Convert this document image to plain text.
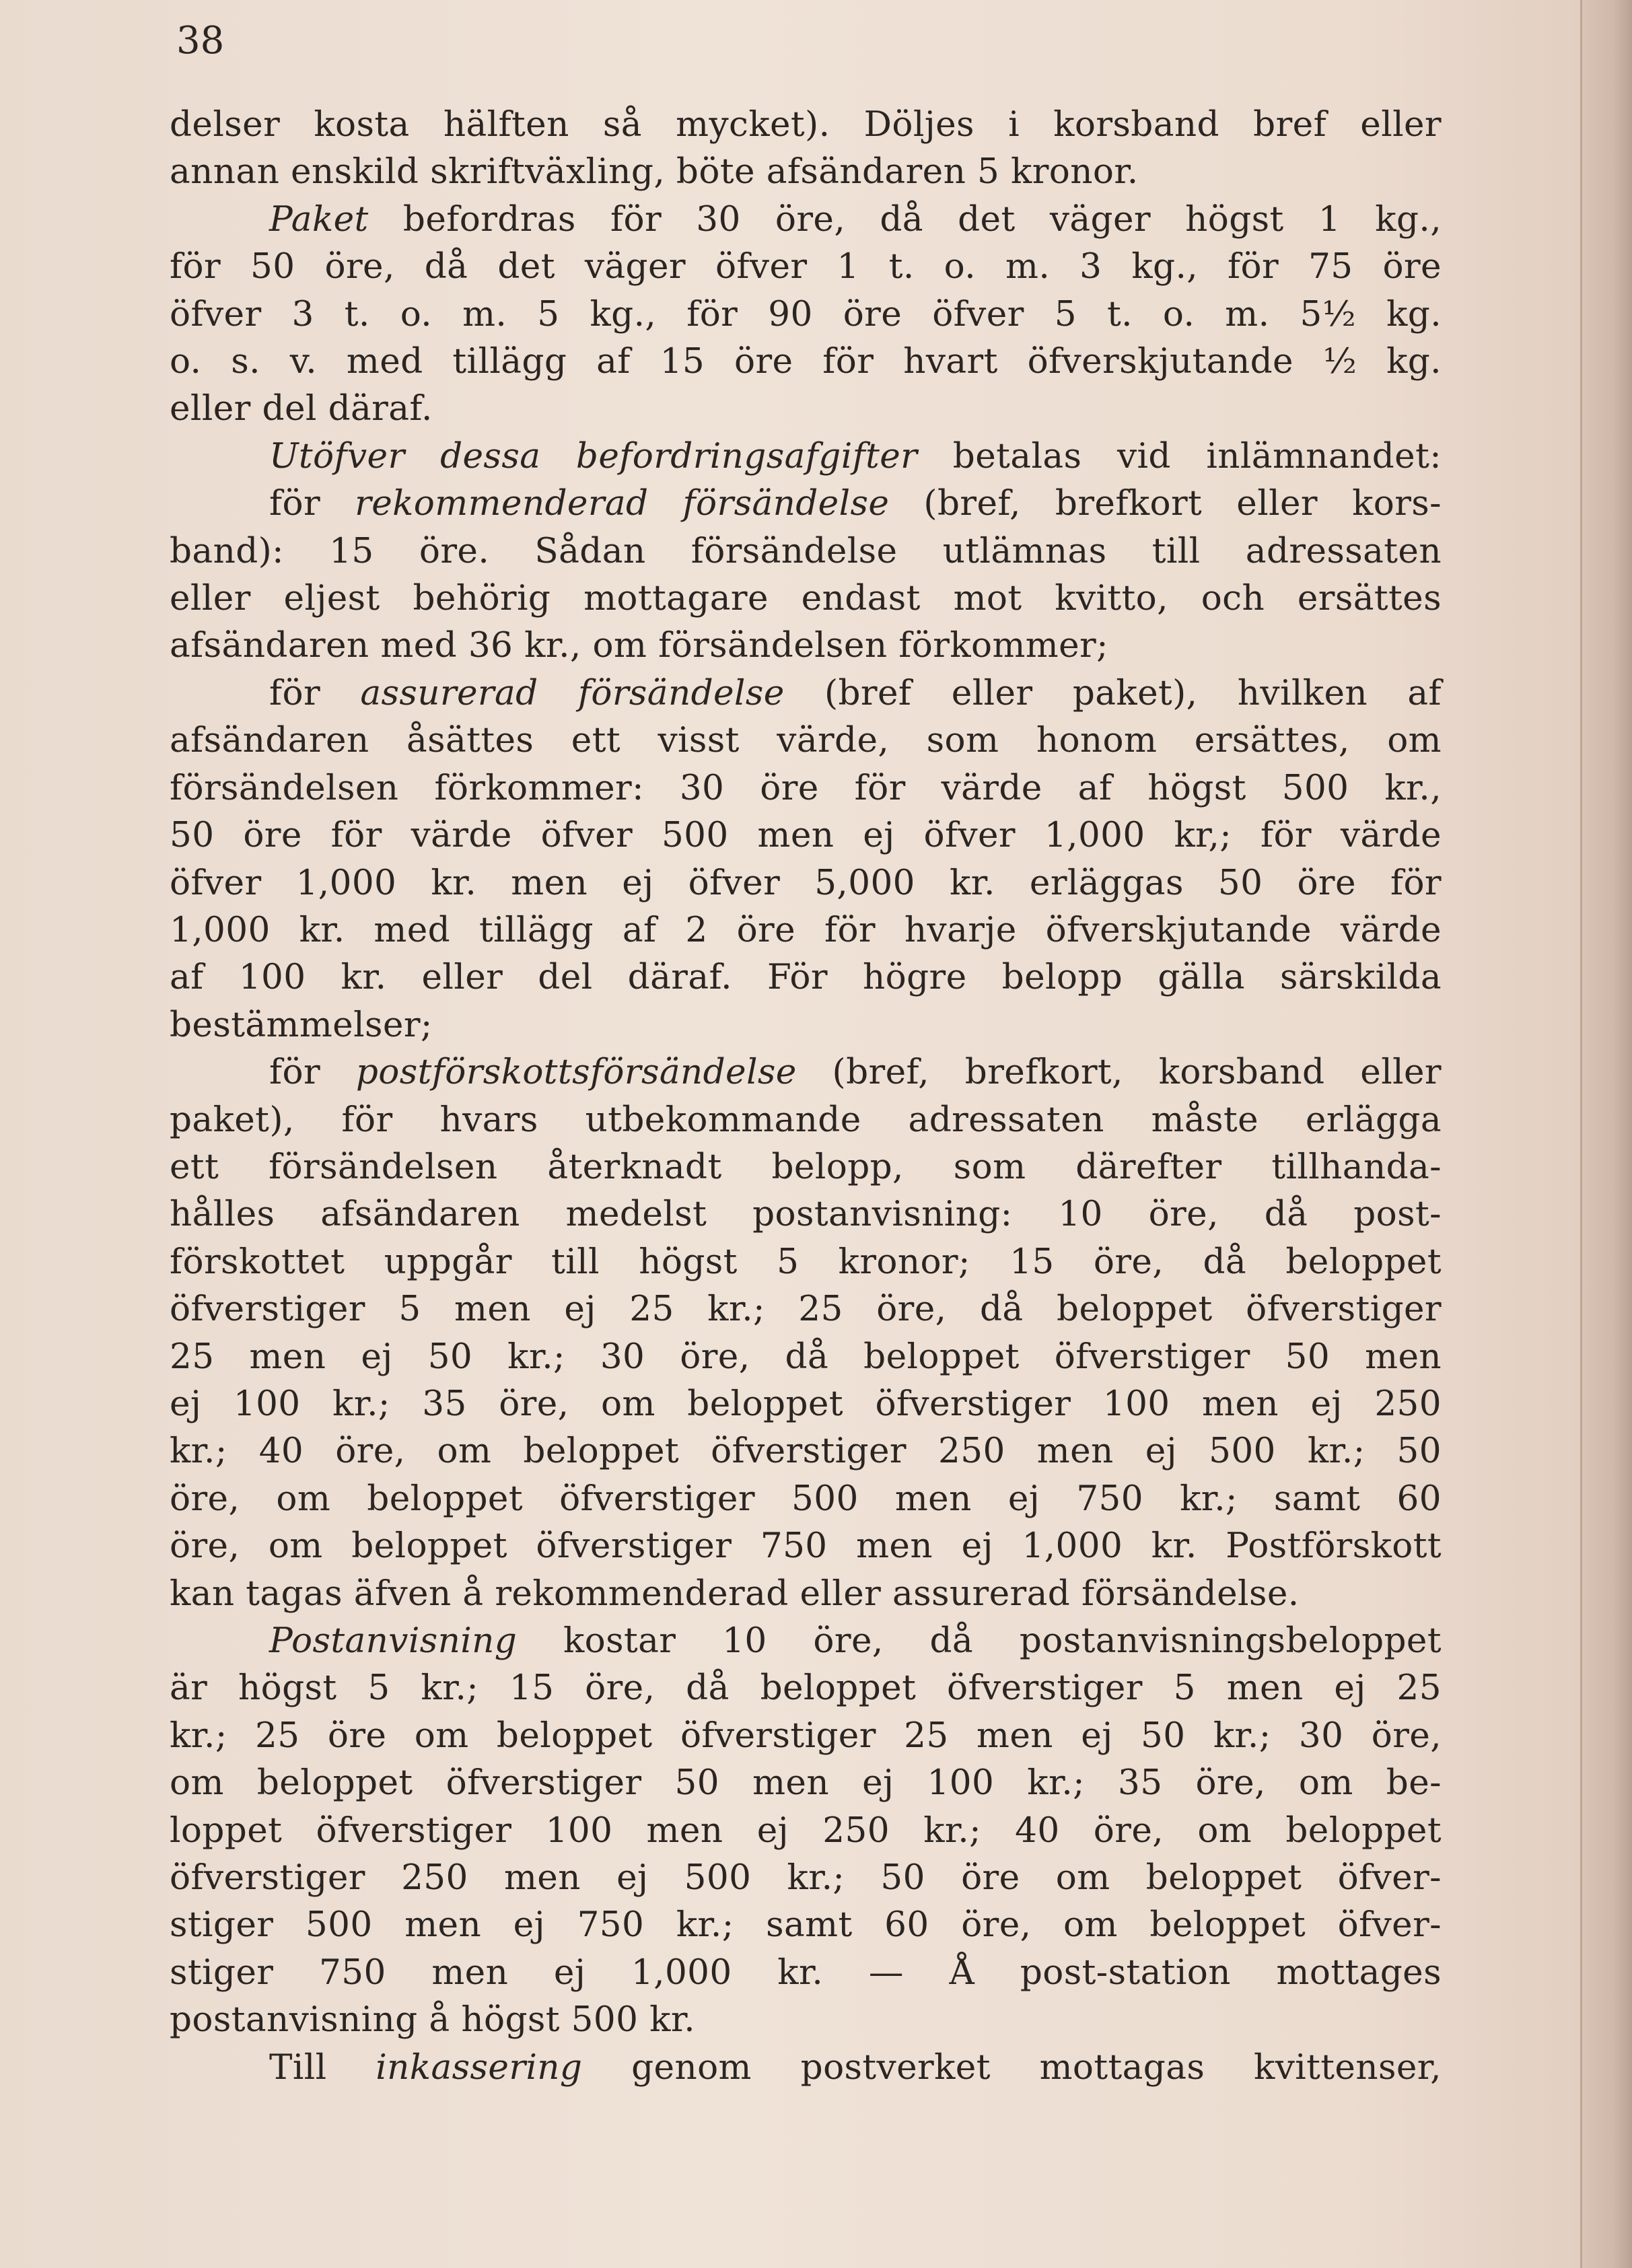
38

delser kosta hälften så mycket). Döljes i korsband bref eller
annan enskild skriftväxling, böte afsändaren 5 kronor.
Paket befordras för 30 öre, då det väger högst 1 kg.,
för 50 öre, då det väger öfver 1 t. o. m. 3 kg., för 75 öre
öfver 3 t. o. m. 5 kg., för 90 öre öfver 5 t. o. m. 5½ kg.
o. s. v. med tillägg af 15 öre för hvart öfverskjutande ½ kg.
eller del däraf.
Utöfver dessa befordringsafgifter betalas vid inlämnandet:
för rekommenderad försändelse (bref, brefkort eller kors-
band): 15 öre. Sådan försändelse utlämnas till adressaten
eller eljest behörig mottagare endast mot kvitto, och ersättes
afsändaren med 36 kr., om försändelsen förkommer;
för assurerad försändelse (bref eller paket), hvilken af
afsändaren åsättes ett visst värde, som honom ersättes, om
försändelsen förkommer: 30 öre för värde af högst 500 kr.,
50 öre för värde öfver 500 men ej öfver 1,000 kr,; för värde
öfver 1,000 kr. men ej öfver 5,000 kr. erläggas 50 öre för
1,000 kr. med tillägg af 2 öre för hvarje öfverskjutande värde
af 100 kr. eller del däraf. För högre belopp gälla särskilda
bestämmelser;
för postförskottsförsändelse (bref, brefkort, korsband eller
paket), för hvars utbekommande adressaten måste erlägga
ett försändelsen återknadt belopp, som därefter tillhanda-
hålles afsändaren medelst postanvisning: 10 öre, då post-
förskottet uppgår till högst 5 kronor; 15 öre, då beloppet
öfverstiger 5 men ej 25 kr.; 25 öre, då beloppet öfverstiger
25 men ej 50 kr.; 30 öre, då beloppet öfverstiger 50 men
ej 100 kr.; 35 öre, om beloppet öfverstiger 100 men ej 250
kr.; 40 öre, om beloppet öfverstiger 250 men ej 500 kr.; 50
öre, om beloppet öfverstiger 500 men ej 750 kr.; samt 60
öre, om beloppet öfverstiger 750 men ej 1,000 kr. Postförskott
kan tagas äfven å rekommenderad eller assurerad försändelse.
Postanvisning kostar 10 öre, då postanvisningsbeloppet
är högst 5 kr.; 15 öre, då beloppet öfverstiger 5 men ej 25
kr.; 25 öre om beloppet öfverstiger 25 men ej 50 kr.; 30 öre,
om beloppet öfverstiger 50 men ej 100 kr.; 35 öre, om be-
loppet öfverstiger 100 men ej 250 kr.; 40 öre, om beloppet
öfverstiger 250 men ej 500 kr.; 50 öre om beloppet öfver-
stiger 500 men ej 750 kr.; samt 60 öre, om beloppet öfver-
stiger 750 men ej 1,000 kr. — Å post-station mottages
postanvisning å högst 500 kr.
Till inkassering genom postverket mottagas kvittenser,
